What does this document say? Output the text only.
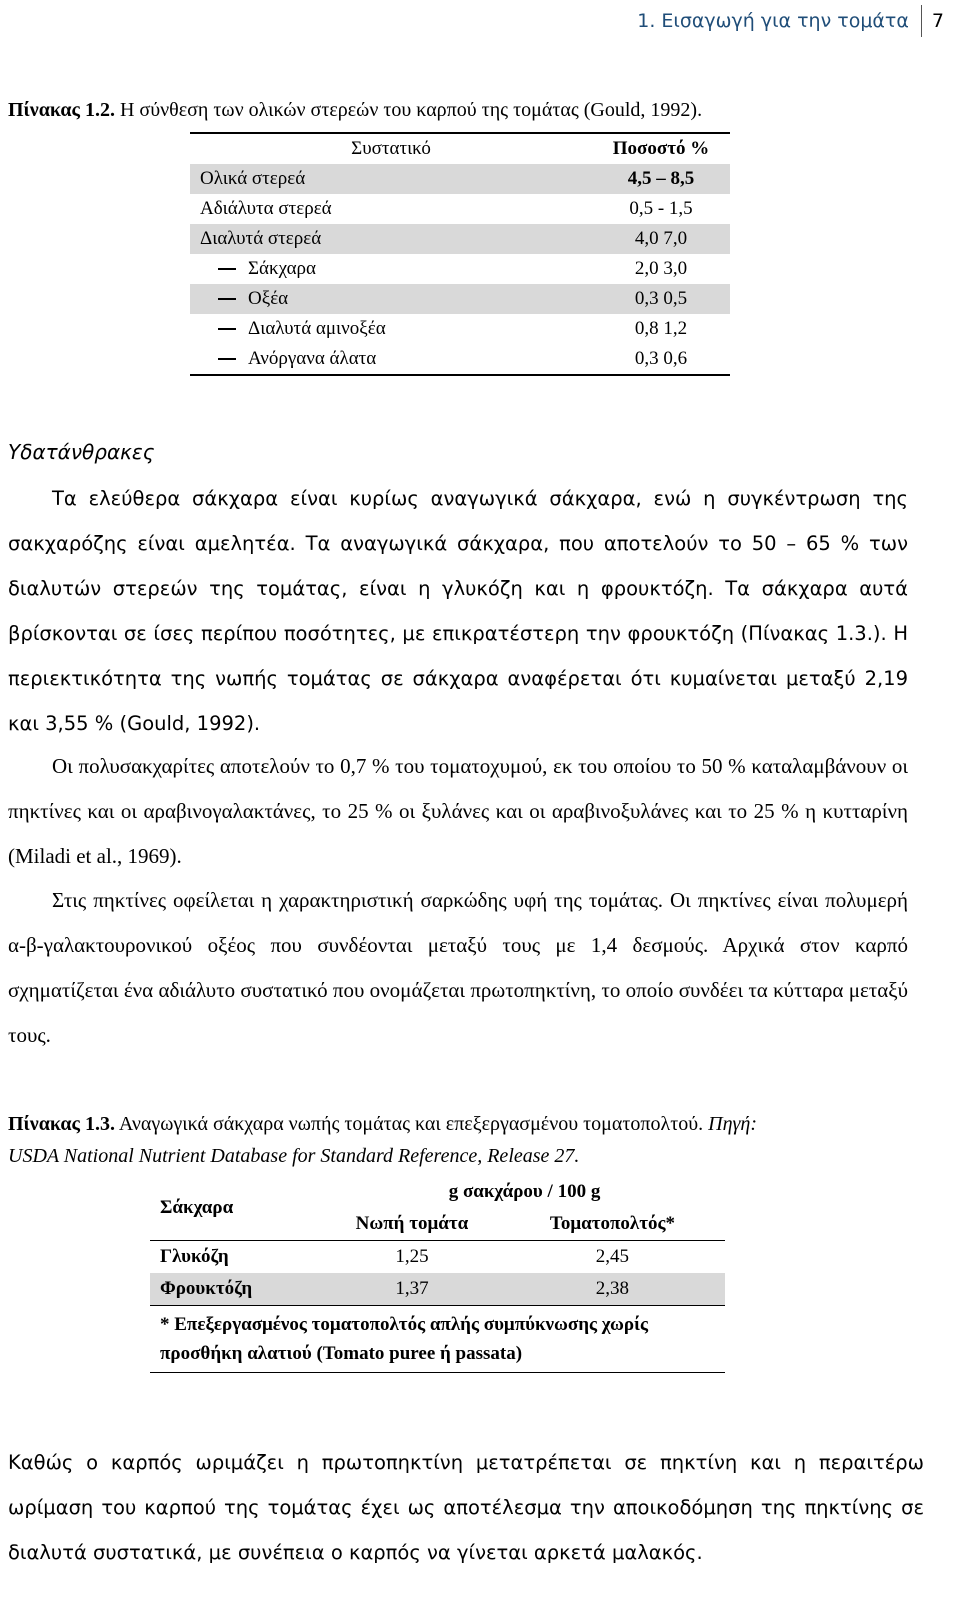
1. Εισαγωγή για την τομάτα	7
Πίνακας 1.2. Η σύνθεση των ολικών στερεών του καρπού της τομάτας (Gould, 1992).
Συστατικό	Ποσοστό %
Ολικά στερεά	4,5 – 8,5
Αδιάλυτα στερεά	0,5 - 1,5
Διαλυτά στερεά	4,0 7,0
Σάκχαρα	2,0 3,0
Οξέα	0,3 0,5
Διαλυτά αμινοξέα	0,8 1,2
Ανόργανα άλατα	0,3 0,6
Υδατάνθρακες

Τα ελεύθερα σάκχαρα είναι κυρίως αναγωγικά σάκχαρα, ενώ η συγκέντρωση της σακχαρόζης είναι αμελητέα. Τα αναγωγικά σάκχαρα, που αποτελούν το 50 – 65 % των διαλυτών στερεών της τομάτας, είναι η γλυκόζη και η φρουκτόζη. Τα σάκχαρα αυτά βρίσκονται σε ίσες περίπου ποσότητες, με επικρατέστερη την φρουκτόζη (Πίνακας 1.3.). Η περιεκτικότητα της νωπής τομάτας σε σάκχαρα αναφέρεται ότι κυμαίνεται μεταξύ 2,19 και 3,55 % (Gould, 1992).

Οι πολυσακχαρίτες αποτελούν το 0,7 % του τοματοχυμού, εκ του οποίου το 50 % καταλαμβάνουν οι πηκτίνες και οι αραβινογαλακτάνες, το 25 % οι ξυλάνες και οι αραβινοξυλάνες και το 25 % η κυτταρίνη (Miladi et al., 1969).

Στις πηκτίνες οφείλεται η χαρακτηριστική σαρκώδης υφή της τομάτας. Οι πηκτίνες είναι πολυμερή α-β-γαλακτουρονικού οξέος που συνδέονται μεταξύ τους με 1,4 δεσμούς. Αρχικά στον καρπό σχηματίζεται ένα αδιάλυτο συστατικό που ονομάζεται πρωτοπηκτίνη, το οποίο συνδέει τα κύτταρα μεταξύ τους.

Πίνακας 1.3. Αναγωγικά σάκχαρα νωπής τομάτας και επεξεργασμένου τοματοπολτού. Πηγή:
USDA National Nutrient Database for Standard Reference, Release 27.
Σάκχαρα	g σακχάρου / 100 g	
	Νωπή τομάτα	Τοματοπολτός*
Γλυκόζη	1,25	2,45
Φρουκτόζη	1,37	2,38
* Επεξεργασμένος τοματοπολτός απλής συμπύκνωσης χωρίς προσθήκη αλατιού (Tomato puree ή passata)		

Καθώς ο καρπός ωριμάζει η πρωτοπηκτίνη μετατρέπεται σε πηκτίνη και η περαιτέρω ωρίμαση του καρπού της τομάτας έχει ως αποτέλεσμα την αποικοδόμηση της πηκτίνης σε διαλυτά συστατικά, με συνέπεια ο καρπός να γίνεται αρκετά μαλακός.
